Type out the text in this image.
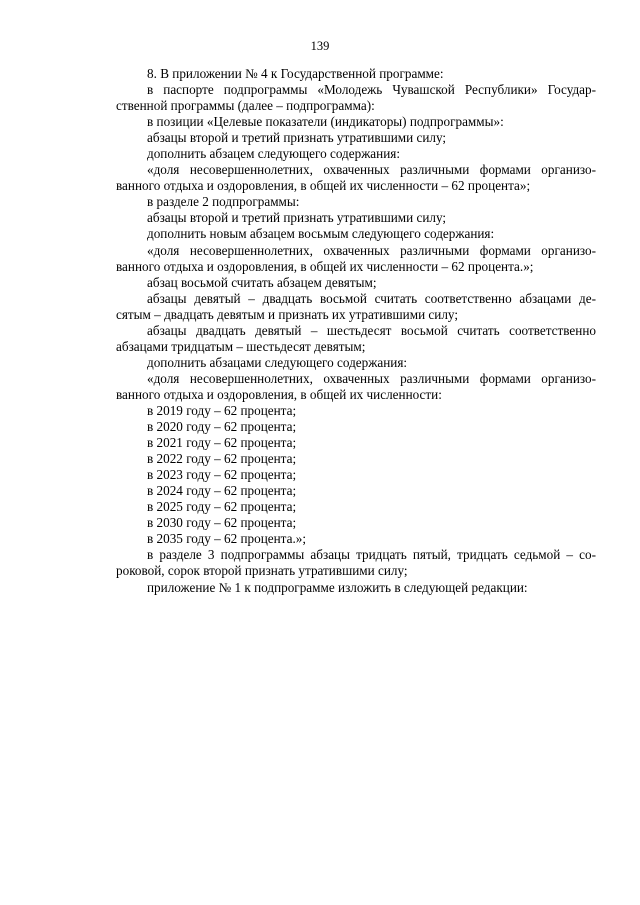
139
8. В приложении № 4 к Государственной программе:
в паспорте подпрограммы «Молодежь Чувашской Республики» Государ-
ственной программы (далее – подпрограмма):
в позиции «Целевые показатели (индикаторы) подпрограммы»:
абзацы второй и третий признать утратившими силу;
дополнить абзацем следующего содержания:
«доля несовершеннолетних, охваченных различными формами организо-
ванного отдыха и оздоровления, в общей их численности – 62 процента»;
в разделе 2 подпрограммы:
абзацы второй и третий признать утратившими силу;
дополнить новым абзацем восьмым следующего содержания:
«доля несовершеннолетних, охваченных различными формами организо-
ванного отдыха и оздоровления, в общей их численности – 62 процента.»;
абзац восьмой считать абзацем девятым;
абзацы девятый – двадцать восьмой считать соответственно абзацами де-
сятым – двадцать девятым и признать их утратившими силу;
абзацы двадцать девятый – шестьдесят восьмой считать соответственно
абзацами тридцатым – шестьдесят девятым;
дополнить абзацами следующего содержания:
«доля несовершеннолетних, охваченных различными формами организо-
ванного отдыха и оздоровления, в общей их численности:
в 2019 году – 62 процента;
в 2020 году – 62 процента;
в 2021 году – 62 процента;
в 2022 году – 62 процента;
в 2023 году – 62 процента;
в 2024 году – 62 процента;
в 2025 году – 62 процента;
в 2030 году – 62 процента;
в 2035 году – 62 процента.»;
в разделе 3 подпрограммы абзацы тридцать пятый, тридцать седьмой – со-
роковой, сорок второй признать утратившими силу;
приложение № 1 к подпрограмме изложить в следующей редакции:
